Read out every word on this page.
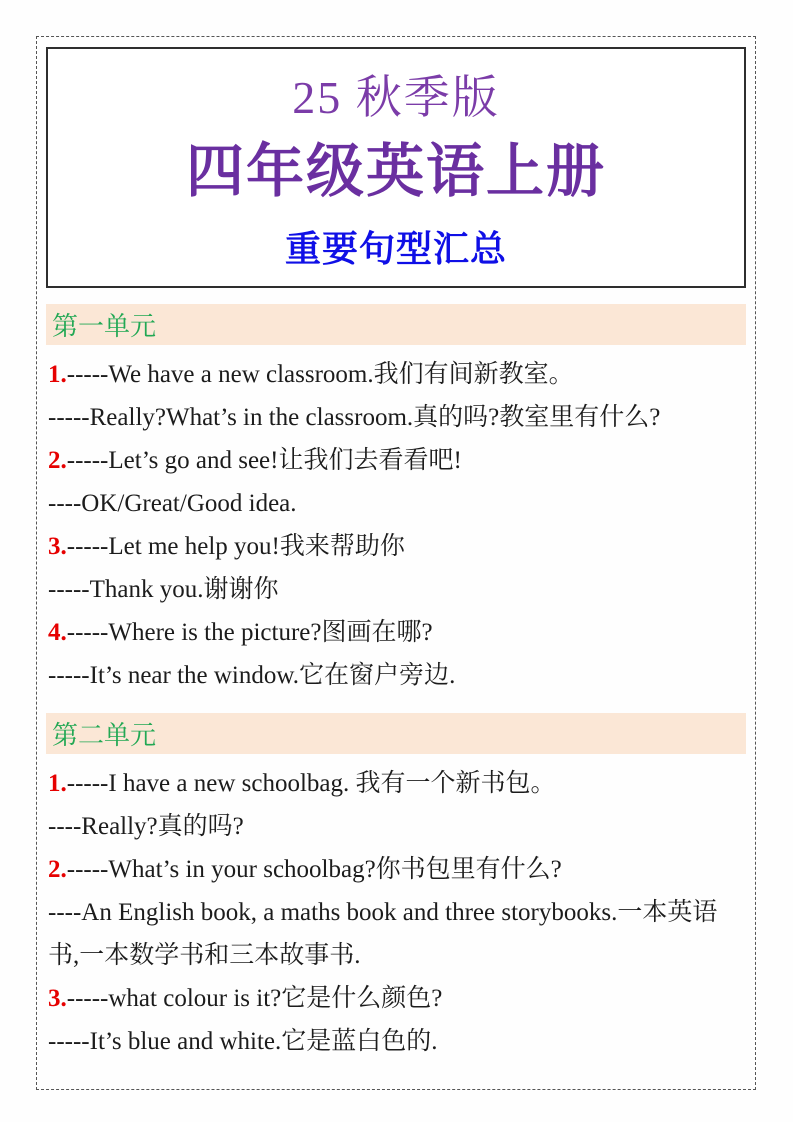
25 秋季版
四年级英语上册
重要句型汇总
第一单元

1.-----We have a new classroom.我们有间新教室。

-----Really?What’s in the classroom.真的吗?教室里有什么?

2.-----Let’s go and see!让我们去看看吧!

----OK/Great/Good idea.

3.-----Let me help you!我来帮助你

-----Thank you.谢谢你

4.-----Where is the picture?图画在哪?

-----It’s near the window.它在窗户旁边.

第二单元

1.-----I have a new schoolbag. 我有一个新书包。

----Really?真的吗?

2.-----What’s in your schoolbag?你书包里有什么?

----An English book, a maths book and three storybooks.一本英语书,一本数学书和三本故事书.

3.-----what colour is it?它是什么颜色?

-----It’s blue and white.它是蓝白色的.
